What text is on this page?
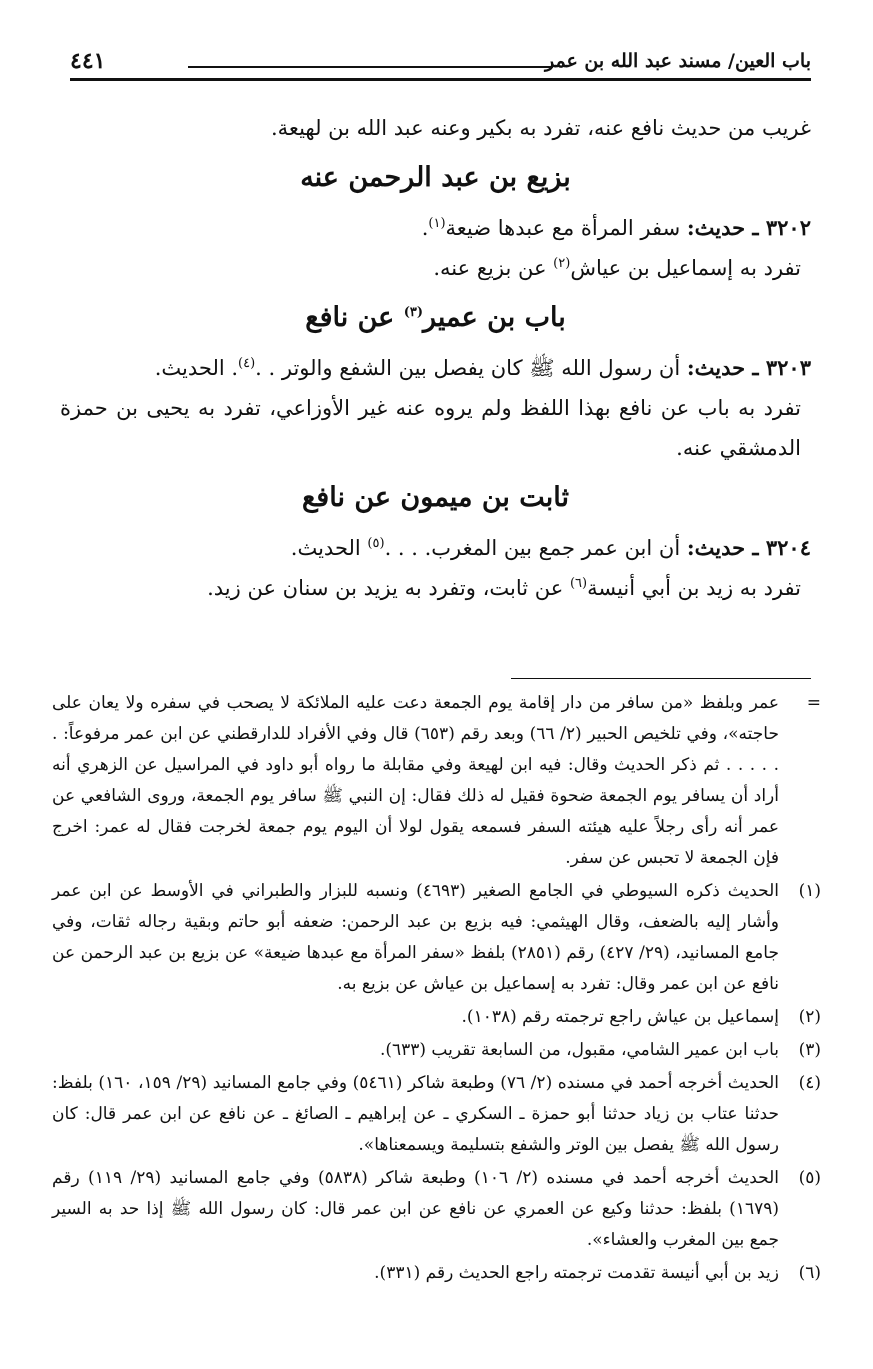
باب العين/ مسند عبد الله بن عمر
٤٤١

غريب من حديث نافع عنه، تفرد به بكير وعنه عبد الله بن لهيعة.

بزيع بن عبد الرحمن عنه

٣٢٠٢ ـ حديث: سفر المرأة مع عبدها ضيعة$^{(١)}$.

تفرد به إسماعيل بن عياش$^{(٢)}$ عن بزيع عنه.

باب بن عمير$^{(٣)}$ عن نافع

٣٢٠٣ ـ حديث: أن رسول الله ﷺ كان يفصل بين الشفع والوتر . .$^{(٤)}$. الحديث.

تفرد به باب عن نافع بهذا اللفظ ولم يروه عنه غير الأوزاعي، تفرد به يحيى بن حمزة الدمشقي عنه.

ثابت بن ميمون عن نافع

٣٢٠٤ ـ حديث: أن ابن عمر جمع بين المغرب. . . .$^{(٥)}$ الحديث.

تفرد به زيد بن أبي أنيسة$^{(٦)}$ عن ثابت، وتفرد به يزيد بن سنان عن زيد.

=
عمر وبلفظ «من سافر من دار إقامة يوم الجمعة دعت عليه الملائكة لا يصحب في سفره ولا يعان على حاجته»، وفي تلخيص الحبير (٢/ ٦٦) وبعد رقم (٦٥٣) قال وفي الأفراد للدارقطني عن ابن عمر مرفوعاً: . . . . . . ثم ذكر الحديث وقال: فيه ابن لهيعة وفي مقابلة ما رواه أبو داود في المراسيل عن الزهري أنه أراد أن يسافر يوم الجمعة ضحوة فقيل له ذلك فقال: إن النبي ﷺ سافر يوم الجمعة، وروى الشافعي عن عمر أنه رأى رجلاً عليه هيئته السفر فسمعه يقول لولا أن اليوم يوم جمعة لخرجت فقال له عمر: اخرج فإن الجمعة لا تحبس عن سفر.
(١)
الحديث ذكره السيوطي في الجامع الصغير (٤٦٩٣) ونسبه للبزار والطبراني في الأوسط عن ابن عمر وأشار إليه بالضعف، وقال الهيثمي: فيه بزيع بن عبد الرحمن: ضعفه أبو حاتم وبقية رجاله ثقات، وفي جامع المسانيد، (٢٩/ ٤٢٧) رقم (٢٨٥١) بلفظ «سفر المرأة مع عبدها ضيعة» عن بزيع بن عبد الرحمن عن نافع عن ابن عمر وقال: تفرد به إسماعيل بن عياش عن بزيع به.
(٢)
إسماعيل بن عياش راجع ترجمته رقم (١٠٣٨).
(٣)
باب ابن عمير الشامي، مقبول، من السابعة تقريب (٦٣٣).
(٤)
الحديث أخرجه أحمد في مسنده (٢/ ٧٦) وطبعة شاكر (٥٤٦١) وفي جامع المسانيد (٢٩/ ١٥٩، ١٦٠) بلفظ: حدثنا عتاب بن زياد حدثنا أبو حمزة ـ السكري ـ عن إبراهيم ـ الصائغ ـ عن نافع عن ابن عمر قال: كان رسول الله ﷺ يفصل بين الوتر والشفع بتسليمة ويسمعناها».
(٥)
الحديث أخرجه أحمد في مسنده (٢/ ١٠٦) وطبعة شاكر (٥٨٣٨) وفي جامع المسانيد (٢٩/ ١١٩) رقم (١٦٧٩) بلفظ: حدثنا وكيع عن العمري عن نافع عن ابن عمر قال: كان رسول الله ﷺ إذا حد به السير جمع بين المغرب والعشاء».
(٦)
زيد بن أبي أنيسة تقدمت ترجمته راجع الحديث رقم (٣٣١).
